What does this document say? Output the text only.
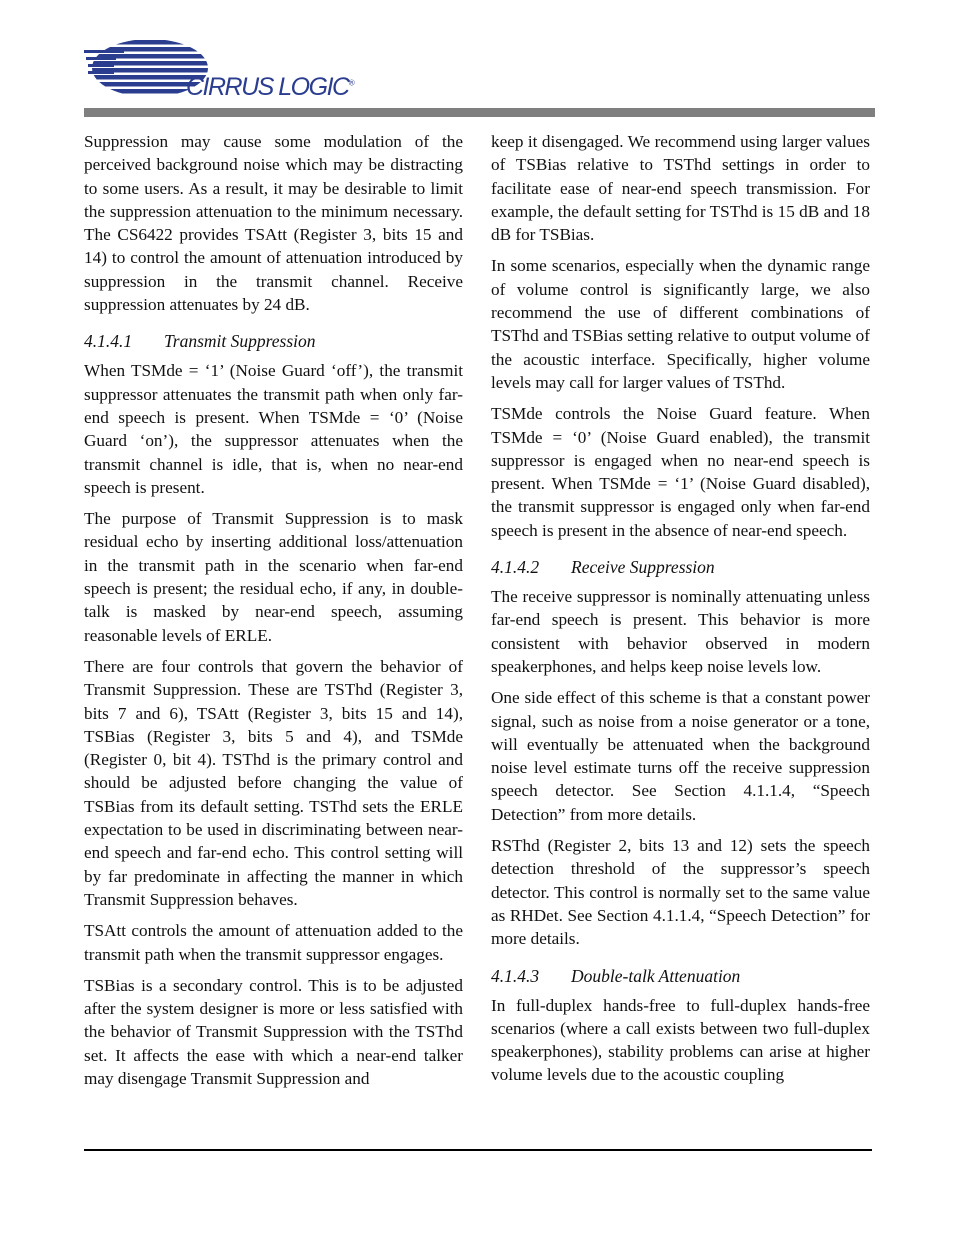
CIRRUS LOGIC®

Suppression may cause some modulation of the perceived background noise which may be distracting to some users. As a result, it may be desirable to limit the suppression attenuation to the minimum necessary. The CS6422 provides TSAtt (Register 3, bits 15 and 14) to control the amount of attenuation introduced by suppression in the transmit channel. Receive suppression attenuates by 24 dB.

4.1.4.1 Transmit Suppression

When TSMde = ‘1’ (Noise Guard ‘off’), the transmit suppressor attenuates the transmit path when only far-end speech is present. When TSMde = ‘0’ (Noise Guard ‘on’), the suppressor attenuates when the transmit channel is idle, that is, when no near-end speech is present.

The purpose of Transmit Suppression is to mask residual echo by inserting additional loss/attenuation in the transmit path in the scenario when far-end speech is present; the residual echo, if any, in double-talk is masked by near-end speech, assuming reasonable levels of ERLE.

There are four controls that govern the behavior of Transmit Suppression. These are TSThd (Register 3, bits 7 and 6), TSAtt (Register 3, bits 15 and 14), TSBias (Register 3, bits 5 and 4), and TSMde (Register 0, bit 4). TSThd is the primary control and should be adjusted before changing the value of TSBias from its default setting. TSThd sets the ERLE expectation to be used in discriminating between near-end speech and far-end echo. This control setting will by far predominate in affecting the manner in which Transmit Suppression behaves.

TSAtt controls the amount of attenuation added to the transmit path when the transmit suppressor engages.

TSBias is a secondary control. This is to be adjusted after the system designer is more or less satisfied with the behavior of Transmit Suppression with the TSThd set. It affects the ease with which a near-end talker may disengage Transmit Suppression and

keep it disengaged. We recommend using larger values of TSBias relative to TSThd settings in order to facilitate ease of near-end speech transmission. For example, the default setting for TSThd is 15 dB and 18 dB for TSBias.

In some scenarios, especially when the dynamic range of volume control is significantly large, we also recommend the use of different combinations of TSThd and TSBias setting relative to output volume of the acoustic interface. Specifically, higher volume levels may call for larger values of TSThd.

TSMde controls the Noise Guard feature. When TSMde = ‘0’ (Noise Guard enabled), the transmit suppressor is engaged when no near-end speech is present. When TSMde = ‘1’ (Noise Guard disabled), the transmit suppressor is engaged only when far-end speech is present in the absence of near-end speech.

4.1.4.2 Receive Suppression

The receive suppressor is nominally attenuating unless far-end speech is present. This behavior is more consistent with behavior observed in modern speakerphones, and helps keep noise levels low.

One side effect of this scheme is that a constant power signal, such as noise from a noise generator or a tone, will eventually be attenuated when the background noise level estimate turns off the receive suppression speech detector. See Section 4.1.1.4, “Speech Detection” from more details.

RSThd (Register 2, bits 13 and 12) sets the speech detection threshold of the suppressor’s speech detector. This control is normally set to the same value as RHDet. See Section 4.1.1.4, “Speech Detection” for more details.

4.1.4.3 Double-talk Attenuation

In full-duplex hands-free to full-duplex hands-free scenarios (where a call exists between two full-duplex speakerphones), stability problems can arise at higher volume levels due to the acoustic coupling
